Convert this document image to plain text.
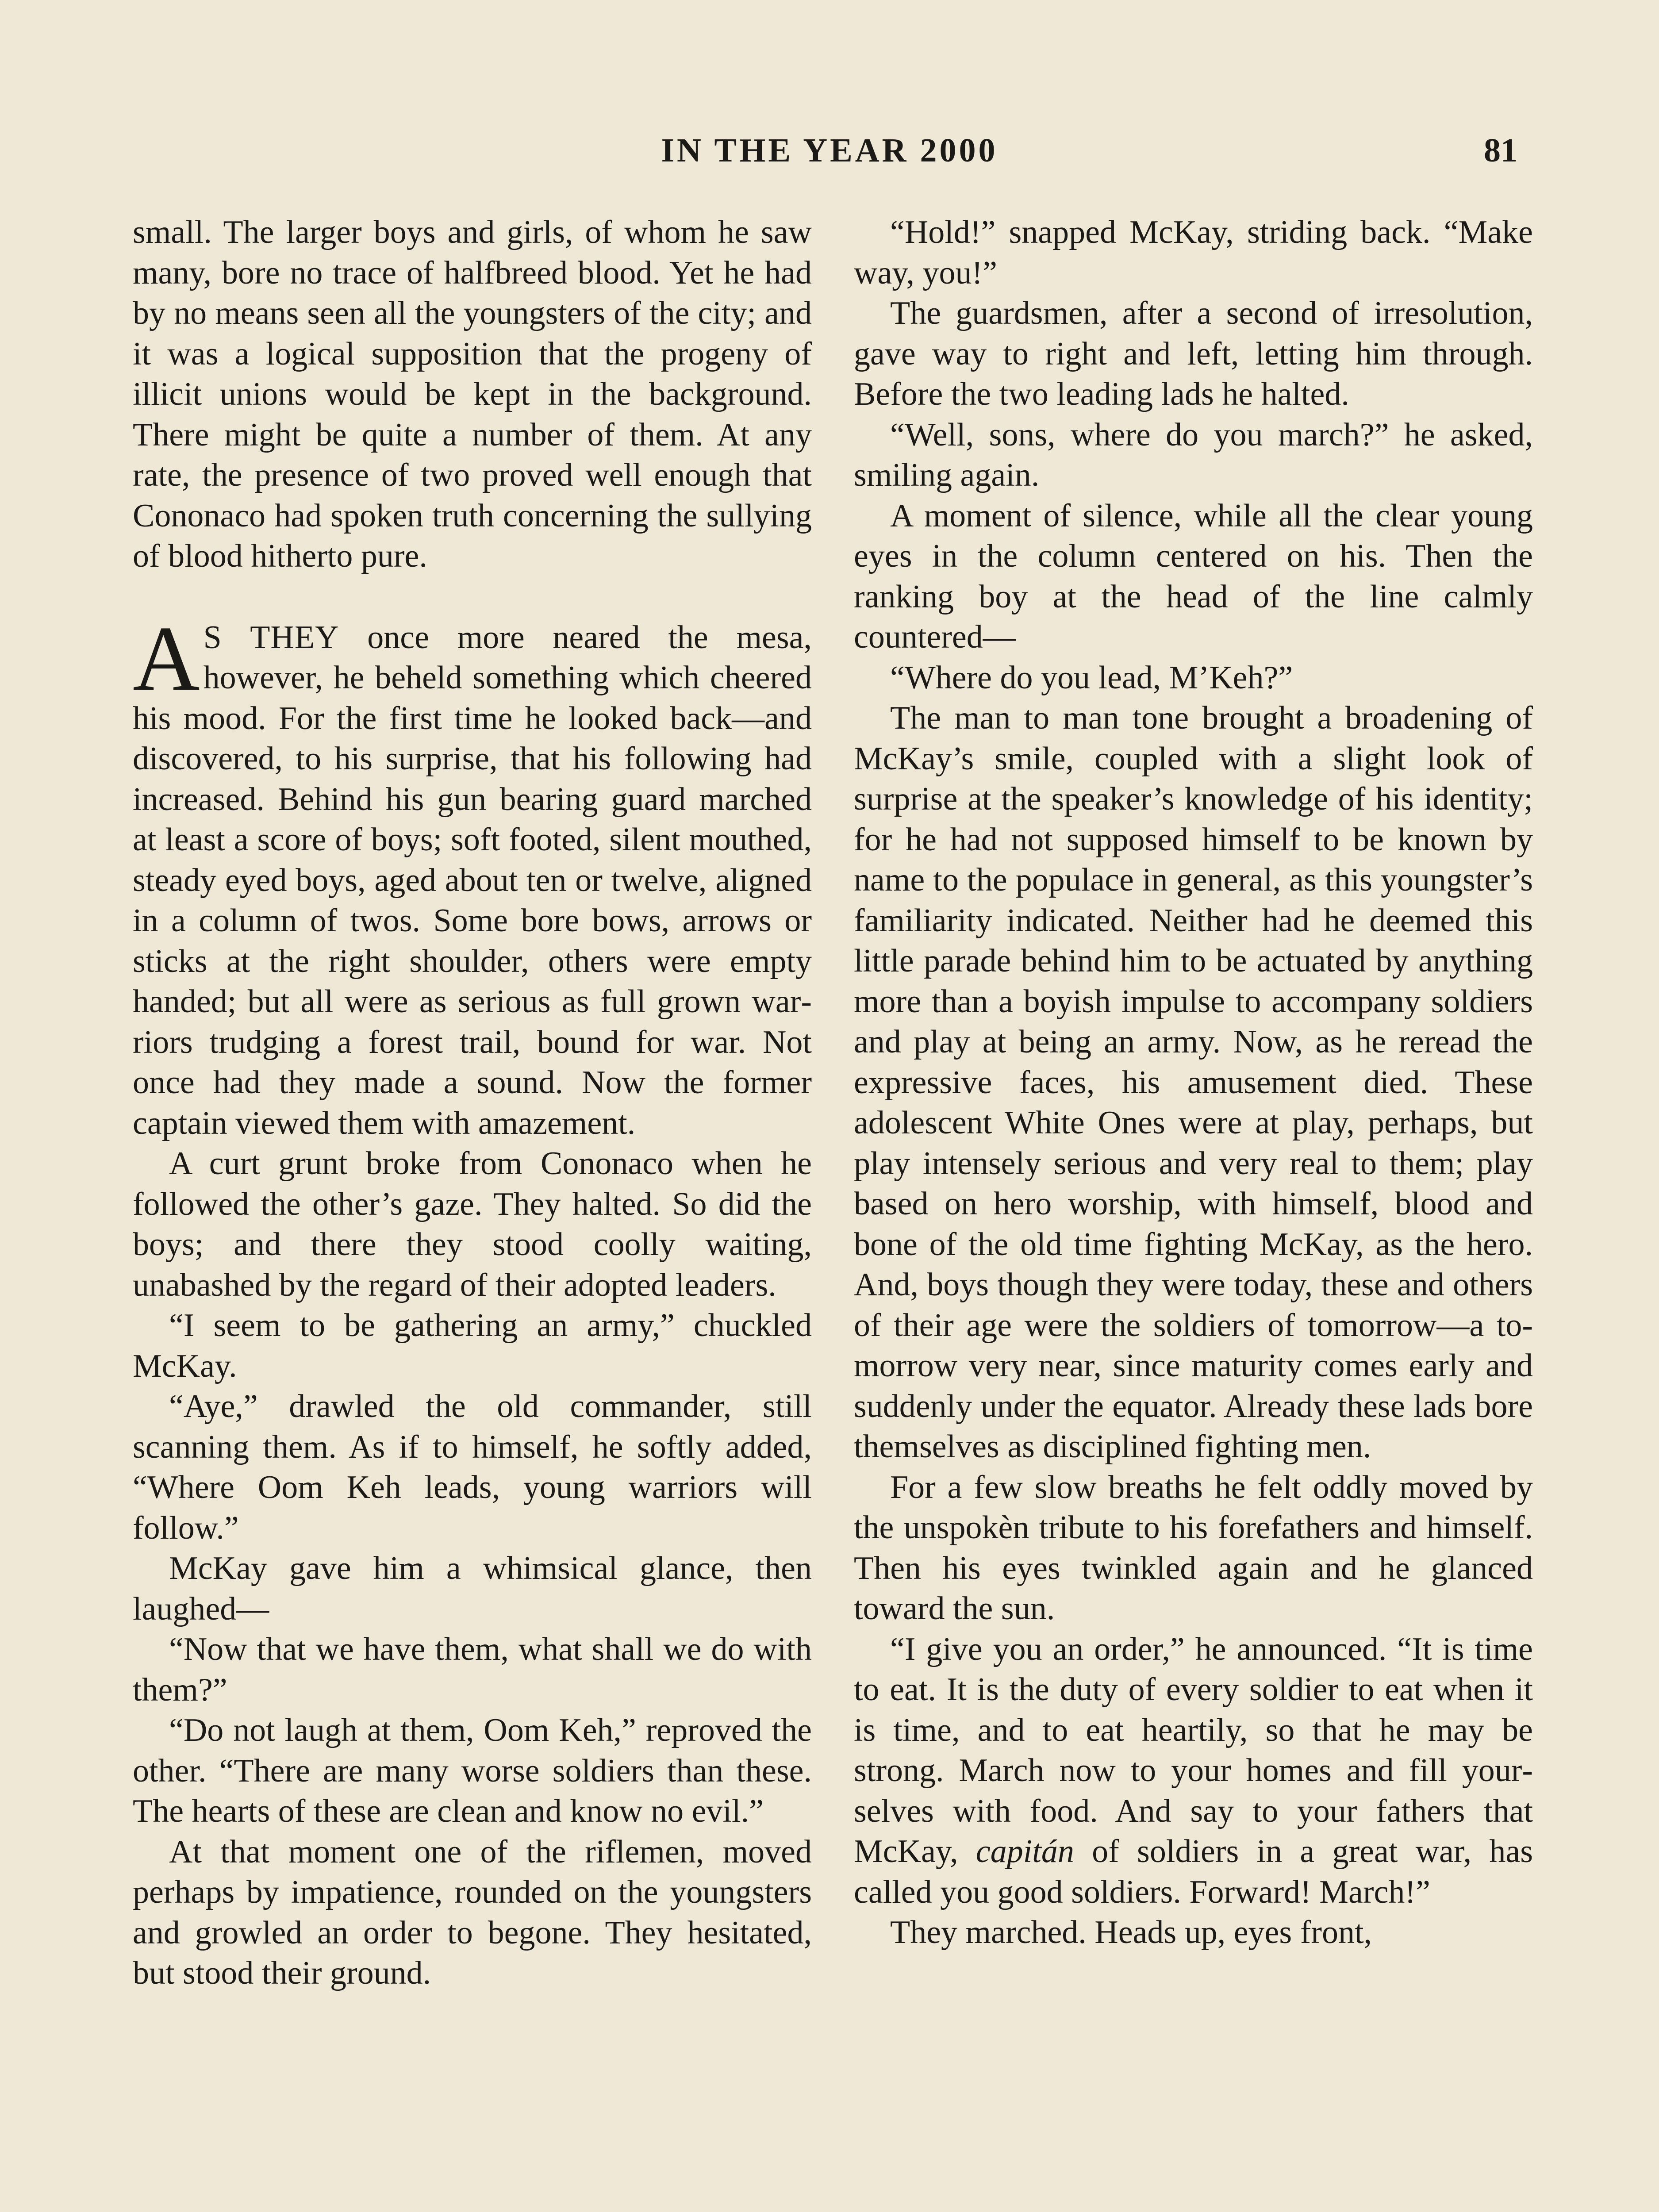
IN THE YEAR 2000	81

small. The larger boys and girls, of whom he saw many, bore no trace of halfbreed blood. Yet he had by no means seen all the youngsters of the city; and it was a logical supposition that the progeny of illicit unions would be kept in the background. There might be quite a number of them. At any rate, the presence of two proved well enough that Cononaco had spoken truth concerning the sullying of blood hitherto pure.

A S THEY once more neared the mesa, however, he beheld something which cheered his mood. For the first time he looked back—and discovered, to his surprise, that his following had increased. Behind his gun bearing guard marched at least a score of boys; soft footed, silent mouthed, steady eyed boys, aged about ten or twelve, aligned in a column of twos. Some bore bows, arrows or sticks at the right shoulder, others were empty handed; but all were as serious as full grown warriors trudging a forest trail, bound for war. Not once had they made a sound. Now the former captain viewed them with amazement.

A curt grunt broke from Cononaco when he followed the other’s gaze. They halted. So did the boys; and there they stood coolly waiting, unabashed by the regard of their adopted leaders.

“I seem to be gathering an army,” chuckled McKay.

“Aye,” drawled the old commander, still scanning them. As if to himself, he softly added, “Where Oom Keh leads, young warriors will follow.”

McKay gave him a whimsical glance, then laughed—

“Now that we have them, what shall we do with them?”

“Do not laugh at them, Oom Keh,” reproved the other. “There are many worse soldiers than these. The hearts of these are clean and know no evil.”

At that moment one of the riflemen, moved perhaps by impatience, rounded on the youngsters and growled an order to begone. They hesitated, but stood their ground.

“Hold!” snapped McKay, striding back. “Make way, you!”

The guardsmen, after a second of irresolution, gave way to right and left, letting him through. Before the two leading lads he halted.

“Well, sons, where do you march?” he asked, smiling again.

A moment of silence, while all the clear young eyes in the column centered on his. Then the ranking boy at the head of the line calmly countered—

“Where do you lead, M’Keh?”

The man to man tone brought a broadening of McKay’s smile, coupled with a slight look of surprise at the speaker’s knowledge of his identity; for he had not supposed himself to be known by name to the populace in general, as this youngster’s familiarity indicated. Neither had he deemed this little parade behind him to be actuated by anything more than a boyish impulse to accompany soldiers and play at being an army. Now, as he reread the expressive faces, his amusement died. These adolescent White Ones were at play, perhaps, but play intensely serious and very real to them; play based on hero worship, with himself, blood and bone of the old time fighting McKay, as the hero. And, boys though they were today, these and others of their age were the soldiers of tomorrow—a tomorrow very near, since maturity comes early and suddenly under the equator. Already these lads bore themselves as disciplined fighting men.

For a few slow breaths he felt oddly moved by the unspokèn tribute to his forefathers and himself. Then his eyes twinkled again and he glanced toward the sun.

“I give you an order,” he announced. “It is time to eat. It is the duty of every soldier to eat when it is time, and to eat heartily, so that he may be strong. March now to your homes and fill yourselves with food. And say to your fathers that McKay, capitán of soldiers in a great war, has called you good soldiers. Forward! March!”

They marched. Heads up, eyes front,
